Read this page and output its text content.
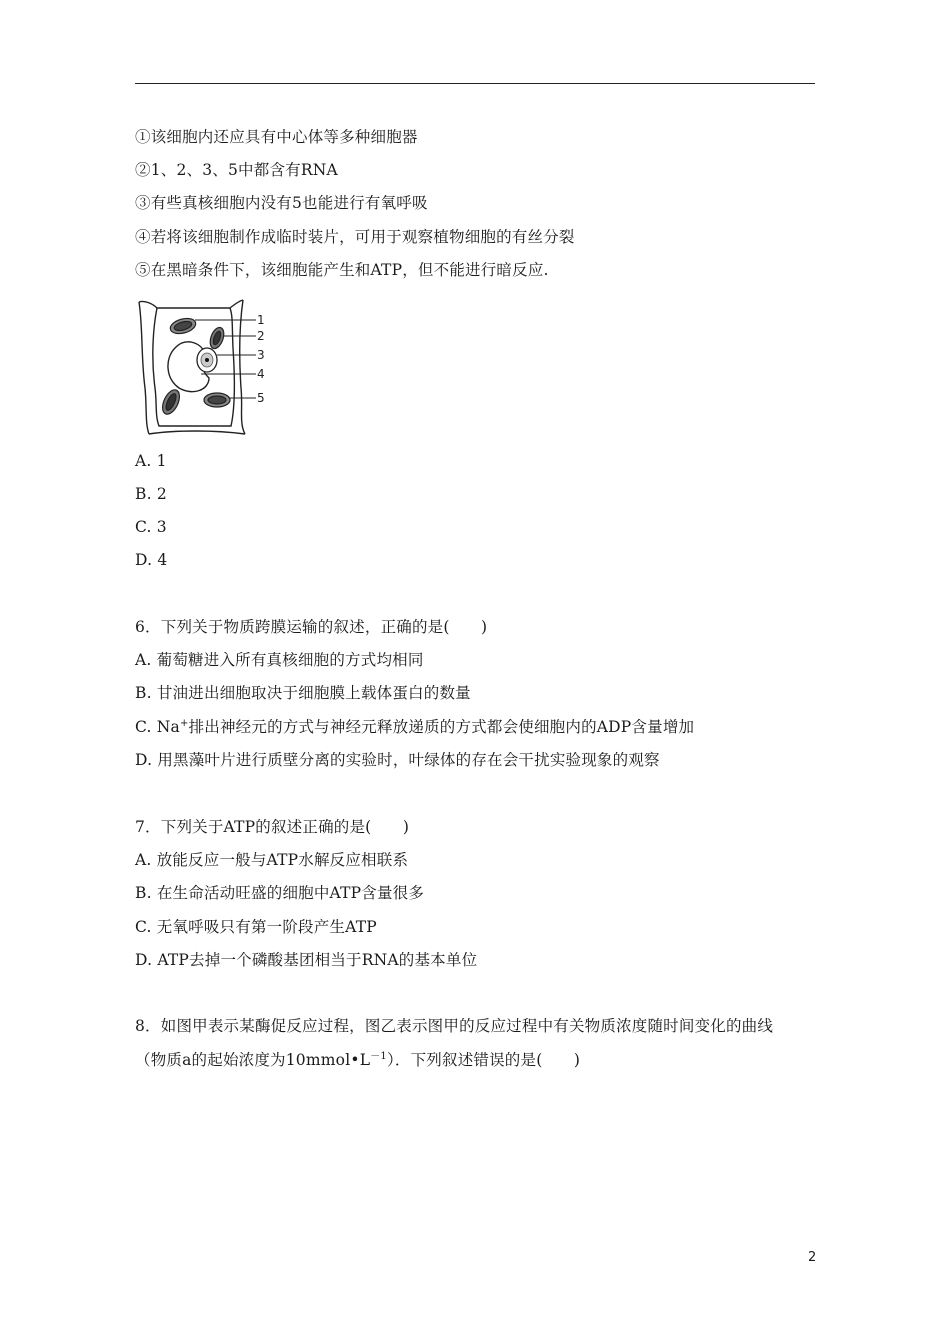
①该细胞内还应具有中心体等多种细胞器
②1、2、3、5中都含有RNA
③有些真核细胞内没有5也能进行有氧呼吸
④若将该细胞制作成临时装片，可用于观察植物细胞的有丝分裂
⑤在黑暗条件下，该细胞能产生和ATP，但不能进行暗反应.
1
2
3
4
5
A. 1
B. 2
C. 3
D. 4
6．下列关于物质跨膜运输的叙述，正确的是(　　)
A. 葡萄糖进入所有真核细胞的方式均相同
B. 甘油进出细胞取决于细胞膜上载体蛋白的数量
C. Na+排出神经元的方式与神经元释放递质的方式都会使细胞内的ADP含量增加
D. 用黑藻叶片进行质壁分离的实验时，叶绿体的存在会干扰实验现象的观察
7．下列关于ATP的叙述正确的是(　　)
A. 放能反应一般与ATP水解反应相联系
B. 在生命活动旺盛的细胞中ATP含量很多
C. 无氧呼吸只有第一阶段产生ATP
D. ATP去掉一个磷酸基团相当于RNA的基本单位
8．如图甲表示某酶促反应过程，图乙表示图甲的反应过程中有关物质浓度随时间变化的曲线
（物质a的起始浓度为$10mmol•L^{-1}$）．下列叙述错误的是(　　)
2
